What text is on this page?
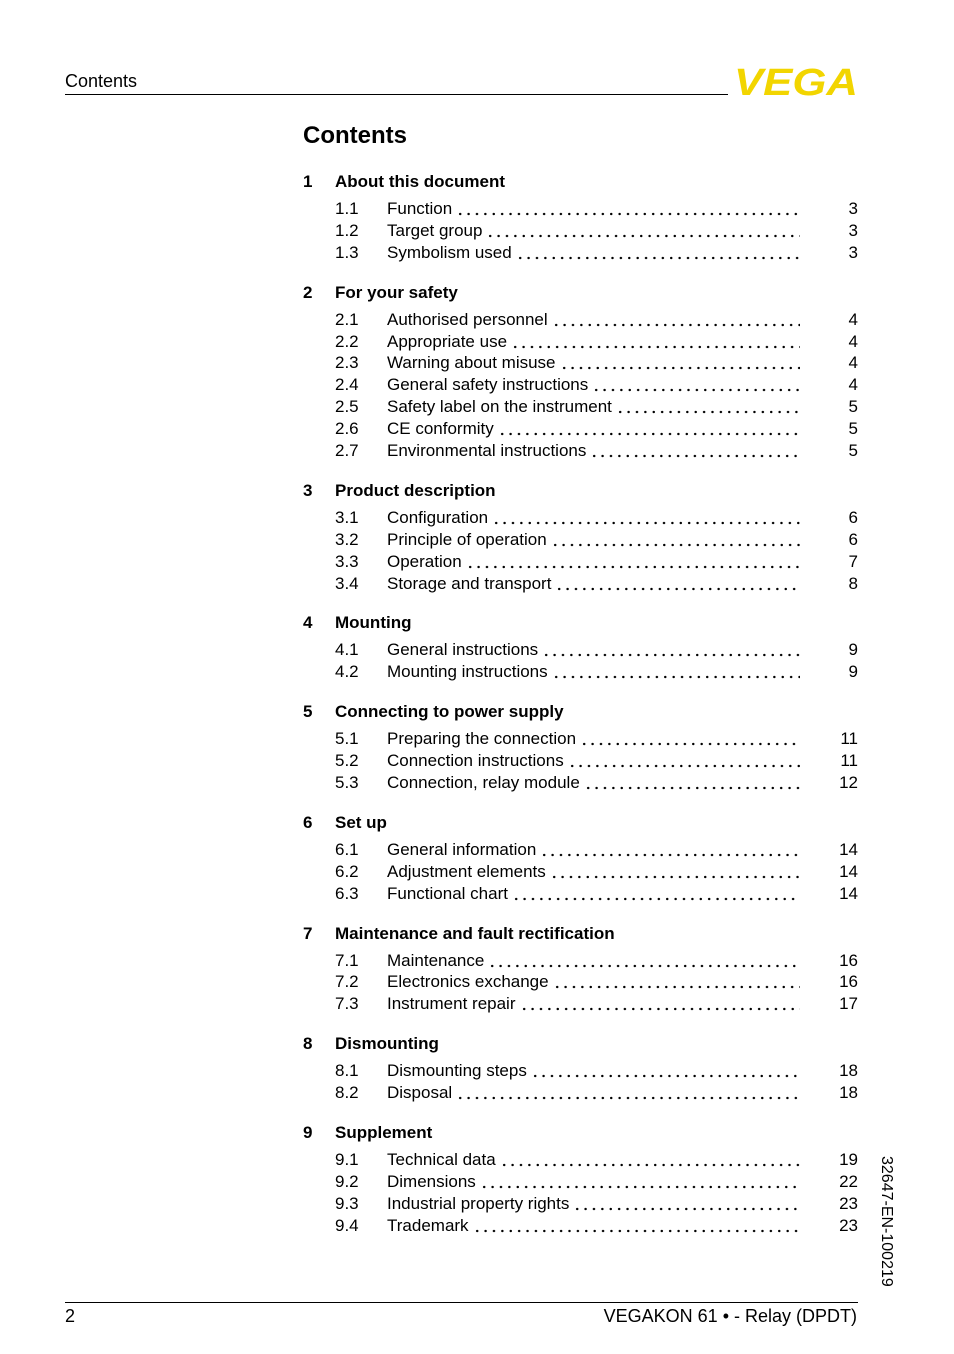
Contents	VEGA
Contents
1	About this document
1.1	Function	3
1.2	Target group	3
1.3	Symbolism used	3
2	For your safety
2.1	Authorised personnel	4
2.2	Appropriate use	4
2.3	Warning about misuse	4
2.4	General safety instructions	4
2.5	Safety label on the instrument	5
2.6	CE conformity	5
2.7	Environmental instructions	5
3	Product description
3.1	Configuration	6
3.2	Principle of operation	6
3.3	Operation	7
3.4	Storage and transport	8
4	Mounting
4.1	General instructions	9
4.2	Mounting instructions	9
5	Connecting to power supply
5.1	Preparing the connection	11
5.2	Connection instructions	11
5.3	Connection, relay module	12
6	Set up
6.1	General information	14
6.2	Adjustment elements	14
6.3	Functional chart	14
7	Maintenance and fault rectification
7.1	Maintenance	16
7.2	Electronics exchange	16
7.3	Instrument repair	17
8	Dismounting
8.1	Dismounting steps	18
8.2	Disposal	18
9	Supplement
9.1	Technical data	19
9.2	Dimensions	22
9.3	Industrial property rights	23
9.4	Trademark	23 32647-EN-100219
2	VEGAKON 61 • - Relay (DPDT)
